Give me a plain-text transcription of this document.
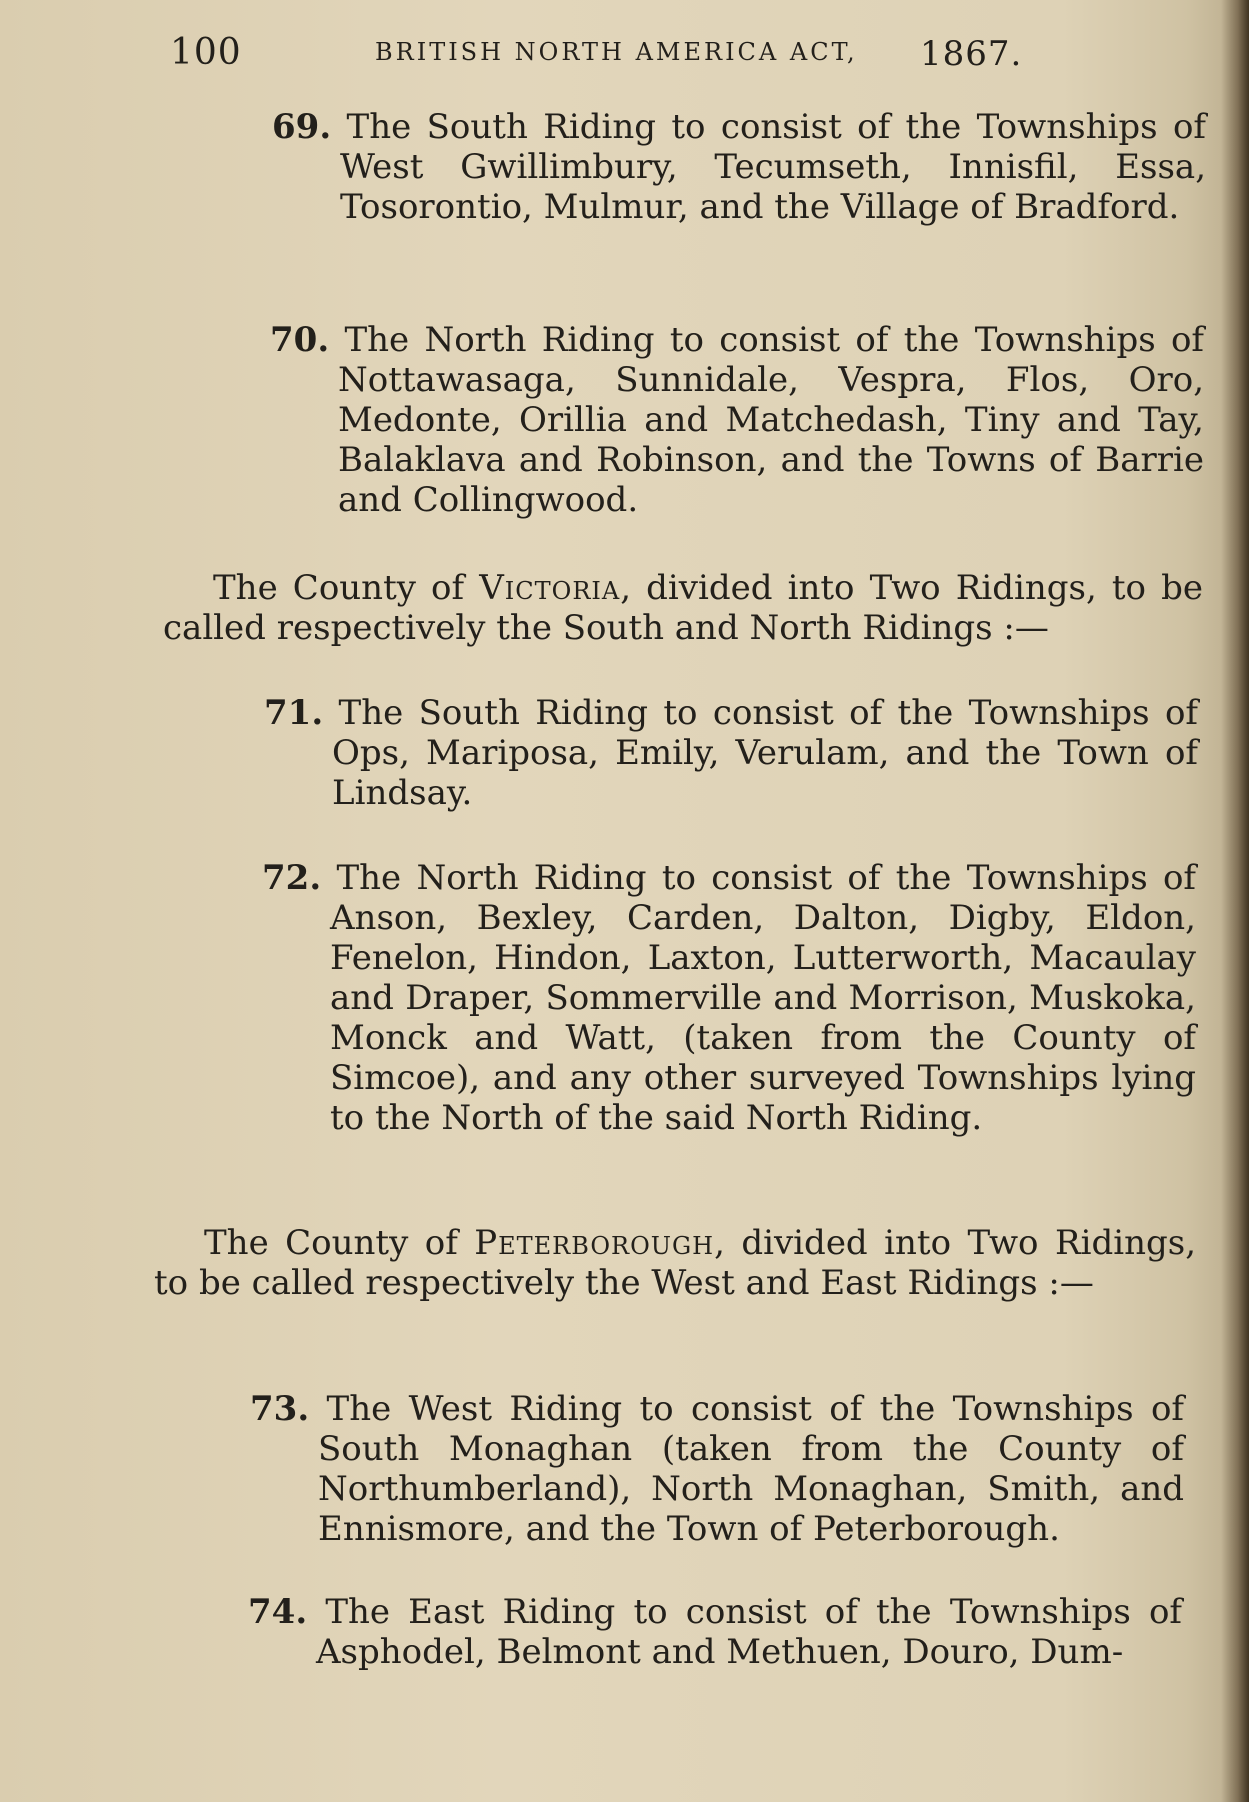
100	BRITISH NORTH AMERICA ACT, 1867.

69. The South Riding to consist of the Townships of West Gwillimbury, Tecumseth, Innisfil, Essa, Tosorontio, Mulmur, and the Village of Bradford.

70. The North Riding to consist of the Townships of Nottawasaga, Sunnidale, Vespra, Flos, Oro, Medonte, Orillia and Matchedash, Tiny and Tay, Balaklava and Robinson, and the Towns of Barrie and Collingwood.

The County of Victoria, divided into Two Ridings, to be called respectively the South and North Ridings :—

71. The South Riding to consist of the Townships of Ops, Mariposa, Emily, Verulam, and the Town of Lindsay.

72. The North Riding to consist of the Townships of Anson, Bexley, Carden, Dalton, Digby, Eldon, Fenelon, Hindon, Laxton, Lutterworth, Macaulay and Draper, Sommerville and Morrison, Muskoka, Monck and Watt, (taken from the County of Simcoe), and any other surveyed Townships lying to the North of the said North Riding.

The County of Peterborough, divided into Two Ridings, to be called respectively the West and East Ridings :—

73. The West Riding to consist of the Townships of South Monaghan (taken from the County of Northumberland), North Monaghan, Smith, and Ennismore, and the Town of Peterborough.

74. The East Riding to consist of the Townships of Asphodel, Belmont and Methuen, Douro, Dum-
